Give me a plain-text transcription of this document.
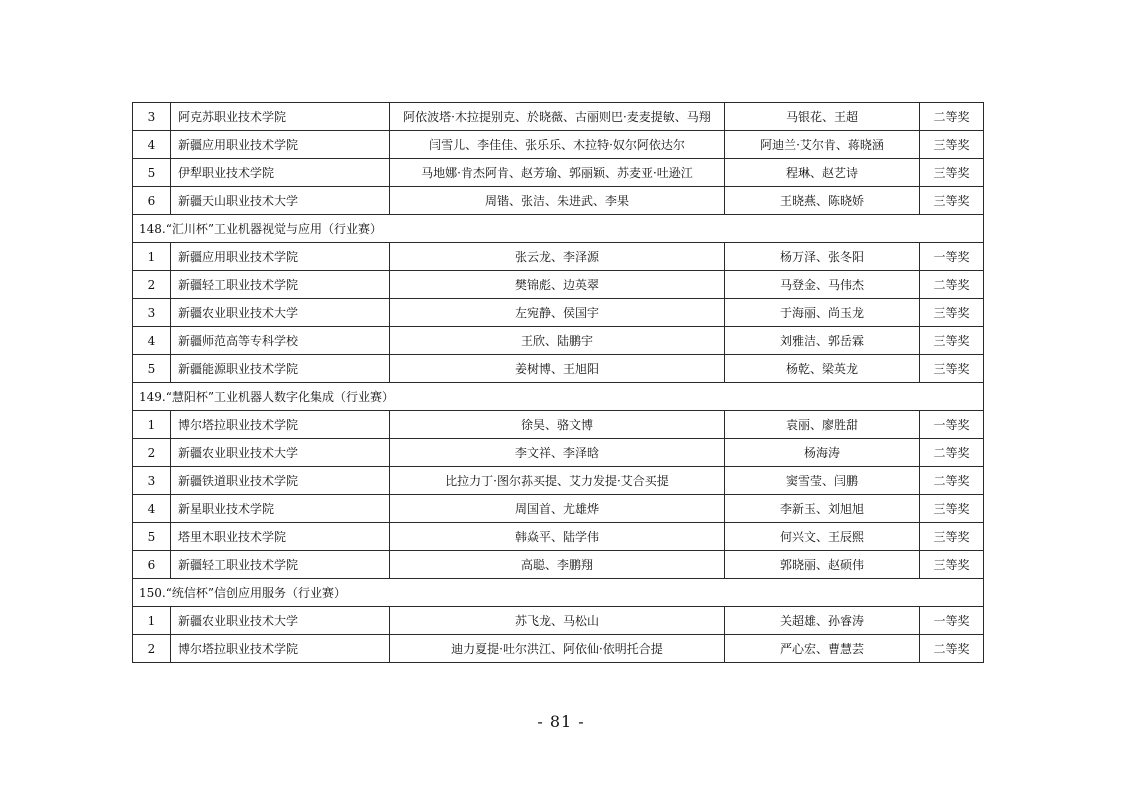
3	阿克苏职业技术学院	阿依波塔·木拉提别克、於晓薇、古丽则巴·麦麦提敏、马翔	马银花、王超	二等奖
4	新疆应用职业技术学院	闫雪儿、李佳佳、张乐乐、木拉特·奴尔阿依达尔	阿迪兰·艾尔肯、蒋晓涵	三等奖
5	伊犁职业技术学院	马地娜·肯杰阿肯、赵芳瑜、郭丽颖、苏麦亚·吐逊江	程琳、赵艺诗	三等奖
6	新疆天山职业技术大学	周锴、张洁、朱进武、李果	王晓燕、陈晓娇	三等奖
148.“汇川杯”工业机器视觉与应用（行业赛）				
1	新疆应用职业技术学院	张云龙、李泽源	杨万泽、张冬阳	一等奖
2	新疆轻工职业技术学院	樊锦彪、边英翠	马登金、马伟杰	二等奖
3	新疆农业职业技术大学	左宛静、侯国宇	于海丽、尚玉龙	三等奖
4	新疆师范高等专科学校	王欣、陆鹏宇	刘雅洁、郭岳霖	三等奖
5	新疆能源职业技术学院	姜树博、王旭阳	杨乾、梁英龙	三等奖
149.“慧阳杯”工业机器人数字化集成（行业赛）				
1	博尔塔拉职业技术学院	徐昊、骆文博	袁丽、廖胜甜	一等奖
2	新疆农业职业技术大学	李文祥、李泽晗	杨海涛	二等奖
3	新疆铁道职业技术学院	比拉力丁·图尔荪买提、艾力发提·艾合买提	窦雪莹、闫鹏	二等奖
4	新星职业技术学院	周国首、尤雄烨	李新玉、刘旭旭	三等奖
5	塔里木职业技术学院	韩焱平、陆学伟	何兴文、王辰熙	三等奖
6	新疆轻工职业技术学院	高聪、李鹏翔	郭晓丽、赵硕伟	三等奖
150.“统信杯”信创应用服务（行业赛）				
1	新疆农业职业技术大学	苏飞龙、马松山	关超雄、孙睿涛	一等奖
2	博尔塔拉职业技术学院	迪力夏提·吐尔洪江、阿依仙·依明托合提	严心宏、曹慧芸	二等奖
- 81 -
